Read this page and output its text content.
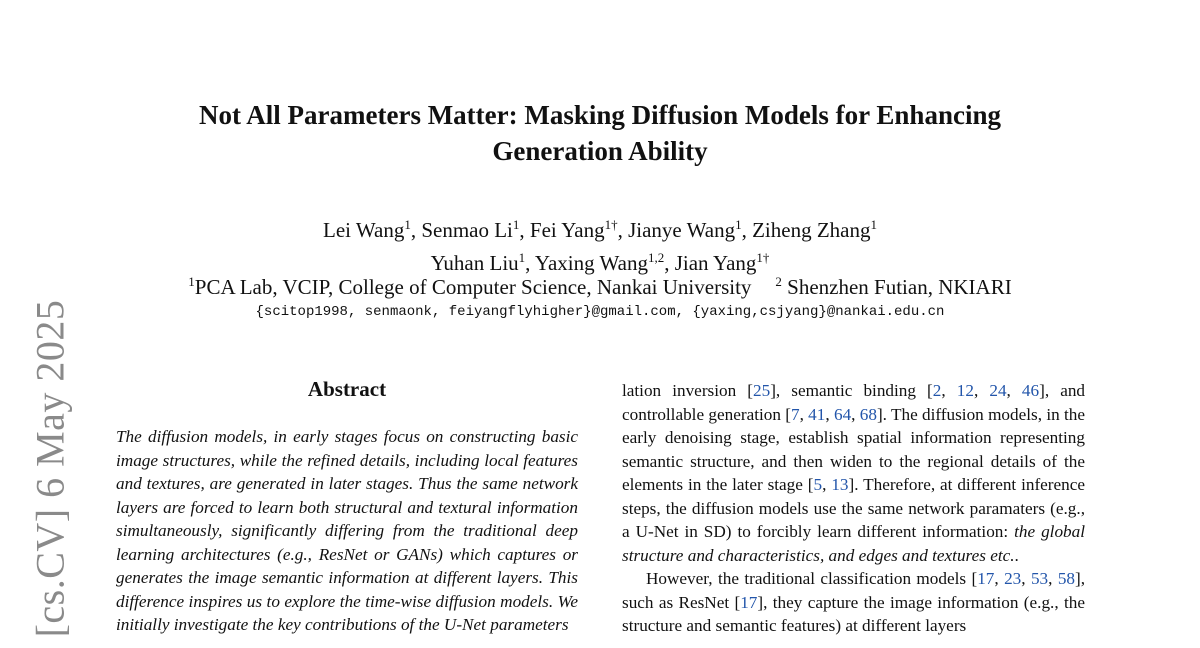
[cs.CV] 6 May 2025
Not All Parameters Matter: Masking Diffusion Models for Enhancing
Generation Ability
Lei Wang$^1$, Senmao Li$^1$, Fei Yang$^{1\dagger}$, Jianye Wang$^1$, Ziheng Zhang$^1$
Yuhan Liu$^1$, Yaxing Wang$^{1,2}$, Jian Yang$^{1\dagger}$
$^1$PCA Lab, VCIP, College of Computer Science, Nankai University $^2$ Shenzhen Futian, NKIARI
{scitop1998, senmaonk, feiyangflyhigher}@gmail.com, {yaxing,csjyang}@nankai.edu.cn
Abstract
The diffusion models, in early stages focus on constructing basic image structures, while the refined details, including local features and textures, are generated in later stages. Thus the same network layers are forced to learn both structural and textural information simultaneously, significantly differing from the traditional deep learning architectures (e.g., ResNet or GANs) which captures or generates the image semantic information at different layers. This difference inspires us to explore the time-wise diffusion models. We initially investigate the key contributions of the U-Net parameters

lation inversion [25], semantic binding [2, 12, 24, 46], and controllable generation [7, 41, 64, 68]. The diffusion models, in the early denoising stage, establish spatial information representing semantic structure, and then widen to the regional details of the elements in the later stage [5, 13]. Therefore, at different inference steps, the diffusion models use the same network paramaters (e.g., a U-Net in SD) to forcibly learn different information: the global structure and characteristics, and edges and textures etc..

However, the traditional classification models [17, 23, 53, 58], such as ResNet [17], they capture the image information (e.g., the structure and semantic features) at different layers
